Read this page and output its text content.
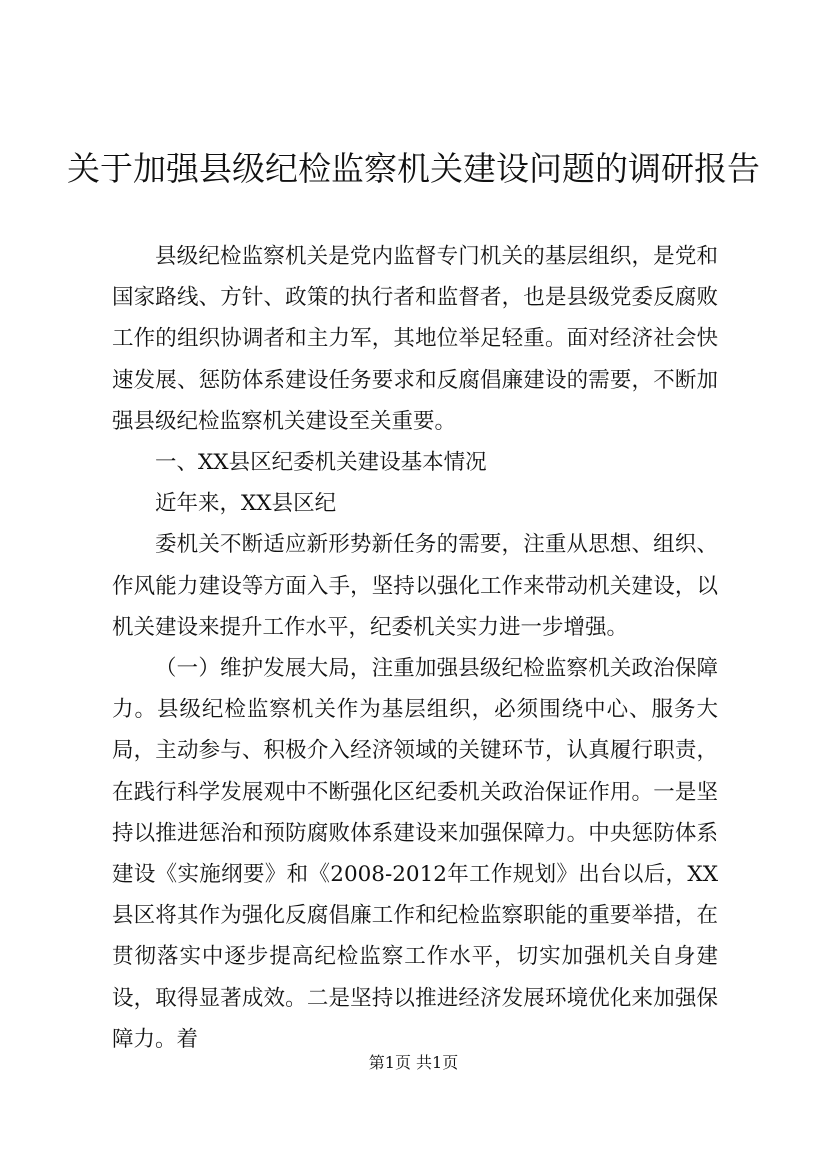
关于加强县级纪检监察机关建设问题的调研报告

县级纪检监察机关是党内监督专门机关的基层组织，是党和国家路线、方针、政策的执行者和监督者，也是县级党委反腐败工作的组织协调者和主力军，其地位举足轻重。面对经济社会快速发展、惩防体系建设任务要求和反腐倡廉建设的需要，不断加强县级纪检监察机关建设至关重要。

一、XX县区纪委机关建设基本情况

近年来，XX县区纪

委机关不断适应新形势新任务的需要，注重从思想、组织、作风能力建设等方面入手，坚持以强化工作来带动机关建设，以机关建设来提升工作水平，纪委机关实力进一步增强。

（一）维护发展大局，注重加强县级纪检监察机关政治保障力。县级纪检监察机关作为基层组织，必须围绕中心、服务大局，主动参与、积极介入经济领域的关键环节，认真履行职责，在践行科学发展观中不断强化区纪委机关政治保证作用。一是坚持以推进惩治和预防腐败体系建设来加强保障力。中央惩防体系建设《实施纲要》和《2008-2012年工作规划》出台以后，XX县区将其作为强化反腐倡廉工作和纪检监察职能的重要举措，在贯彻落实中逐步提高纪检监察工作水平，切实加强机关自身建设，取得显著成效。二是坚持以推进经济发展环境优化来加强保障力。着

第1页 共1页
